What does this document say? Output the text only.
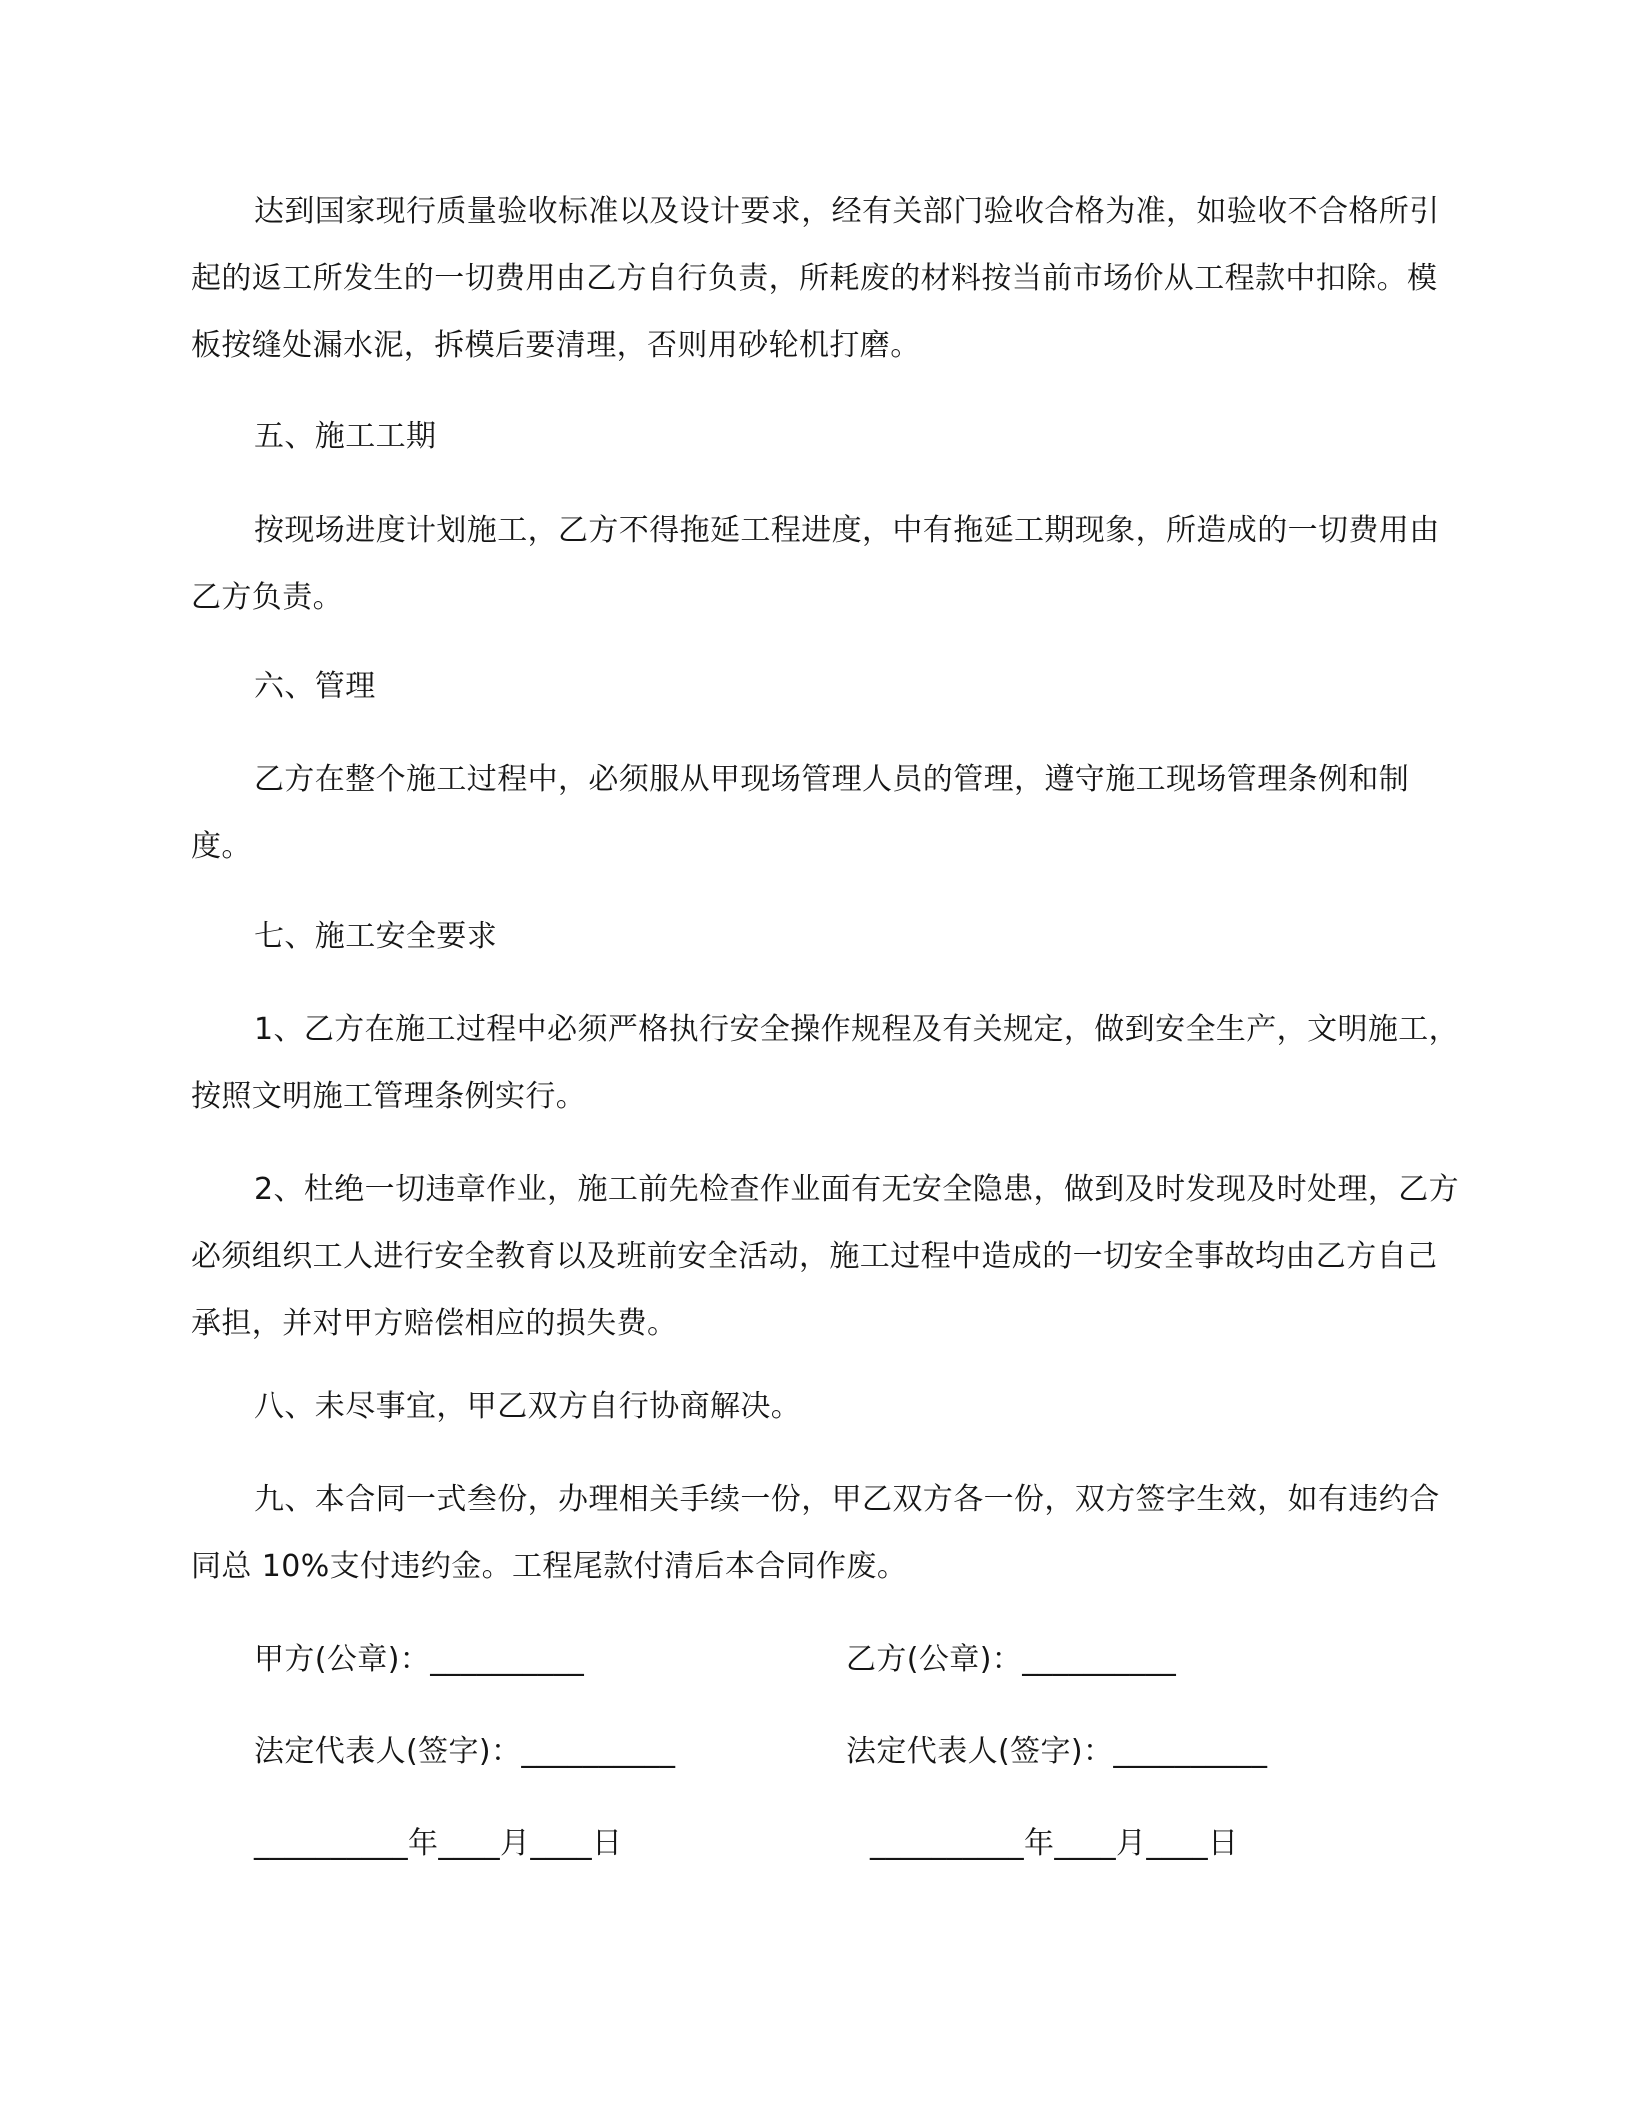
达到国家现行质量验收标准以及设计要求，经有关部门验收合格为准，如验收不合格所引起的返工所发生的一切费用由乙方自行负责，所耗废的材料按当前市场价从工程款中扣除。模板按缝处漏水泥，拆模后要清理，否则用砂轮机打磨。

五、施工工期

按现场进度计划施工，乙方不得拖延工程进度，中有拖延工期现象，所造成的一切费用由乙方负责。

六、管理

乙方在整个施工过程中，必须服从甲现场管理人员的管理，遵守施工现场管理条例和制度。

七、施工安全要求

1、乙方在施工过程中必须严格执行安全操作规程及有关规定，做到安全生产，文明施工，按照文明施工管理条例实行。

2、杜绝一切违章作业，施工前先检查作业面有无安全隐患，做到及时发现及时处理，乙方必须组织工人进行安全教育以及班前安全活动，施工过程中造成的一切安全事故均由乙方自己承担，并对甲方赔偿相应的损失费。

八、未尽事宜，甲乙双方自行协商解决。

九、本合同一式叁份，办理相关手续一份，甲乙双方各一份，双方签字生效，如有违约合同总 10%支付违约金。工程尾款付清后本合同作废。

甲方(公章)：__________	乙方(公章)：__________
法定代表人(签字)：__________	法定代表人(签字)：__________
__________年____月____日	__________年____月____日
